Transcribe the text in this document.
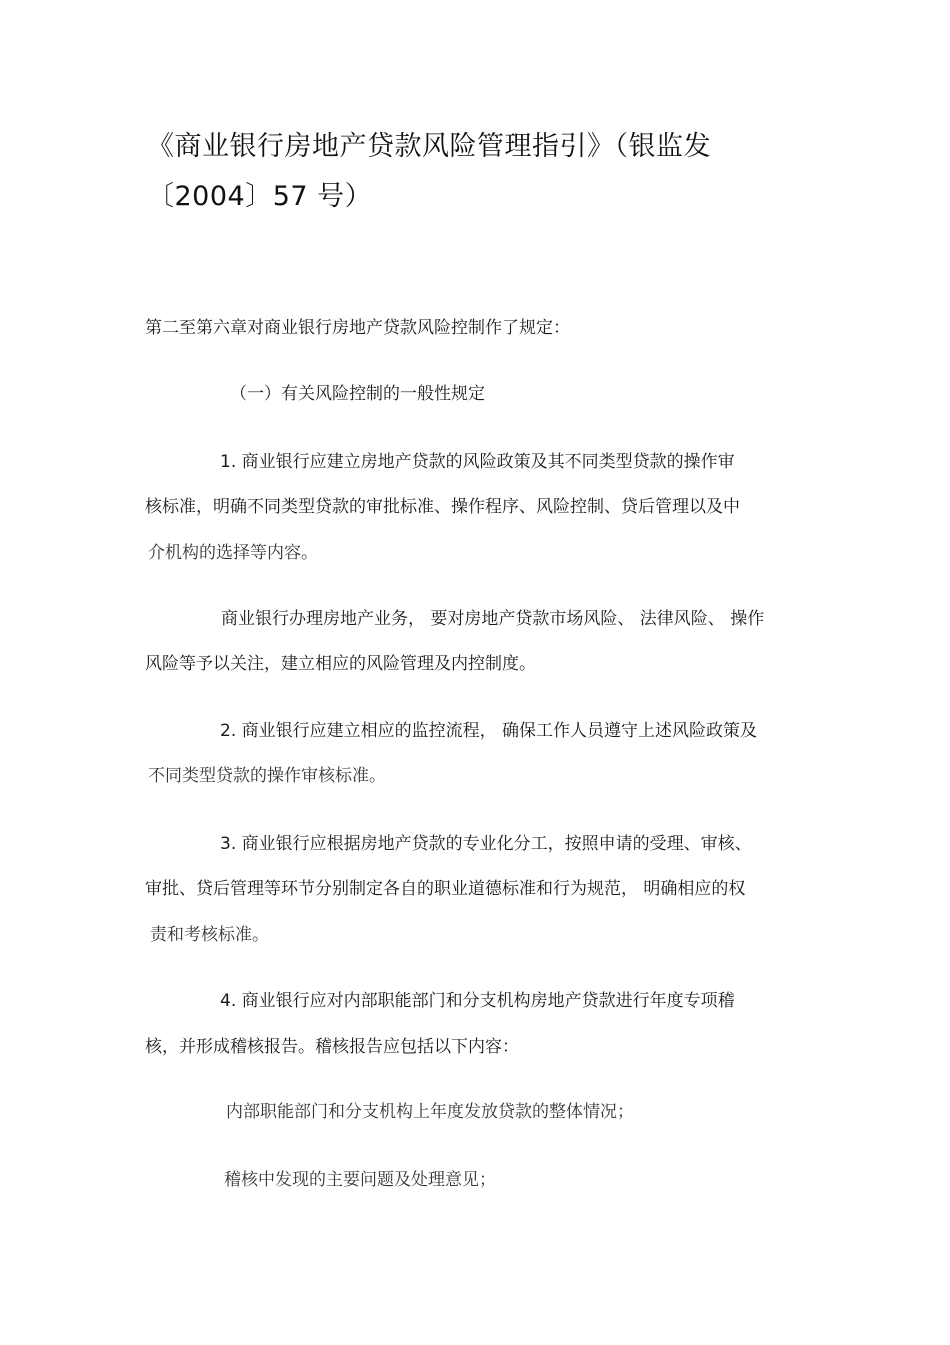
《商业银行房地产贷款风险管理指引》（银监发
〔2004〕57 号）
第二至第六章对商业银行房地产贷款风险控制作了规定：
（一）有关风险控制的一般性规定
1. 商业银行应建立房地产贷款的风险政策及其不同类型贷款的操作审
核标准，明确不同类型贷款的审批标准、操作程序、风险控制、贷后管理以及中
介机构的选择等内容。
商业银行办理房地产业务， 要对房地产贷款市场风险、 法律风险、 操作
风险等予以关注，建立相应的风险管理及内控制度。
2. 商业银行应建立相应的监控流程， 确保工作人员遵守上述风险政策及
不同类型贷款的操作审核标准。
3. 商业银行应根据房地产贷款的专业化分工，按照申请的受理、审核、
审批、贷后管理等环节分别制定各自的职业道德标准和行为规范， 明确相应的权
责和考核标准。
4. 商业银行应对内部职能部门和分支机构房地产贷款进行年度专项稽
核，并形成稽核报告。稽核报告应包括以下内容：
内部职能部门和分支机构上年度发放贷款的整体情况；
稽核中发现的主要问题及处理意见；
